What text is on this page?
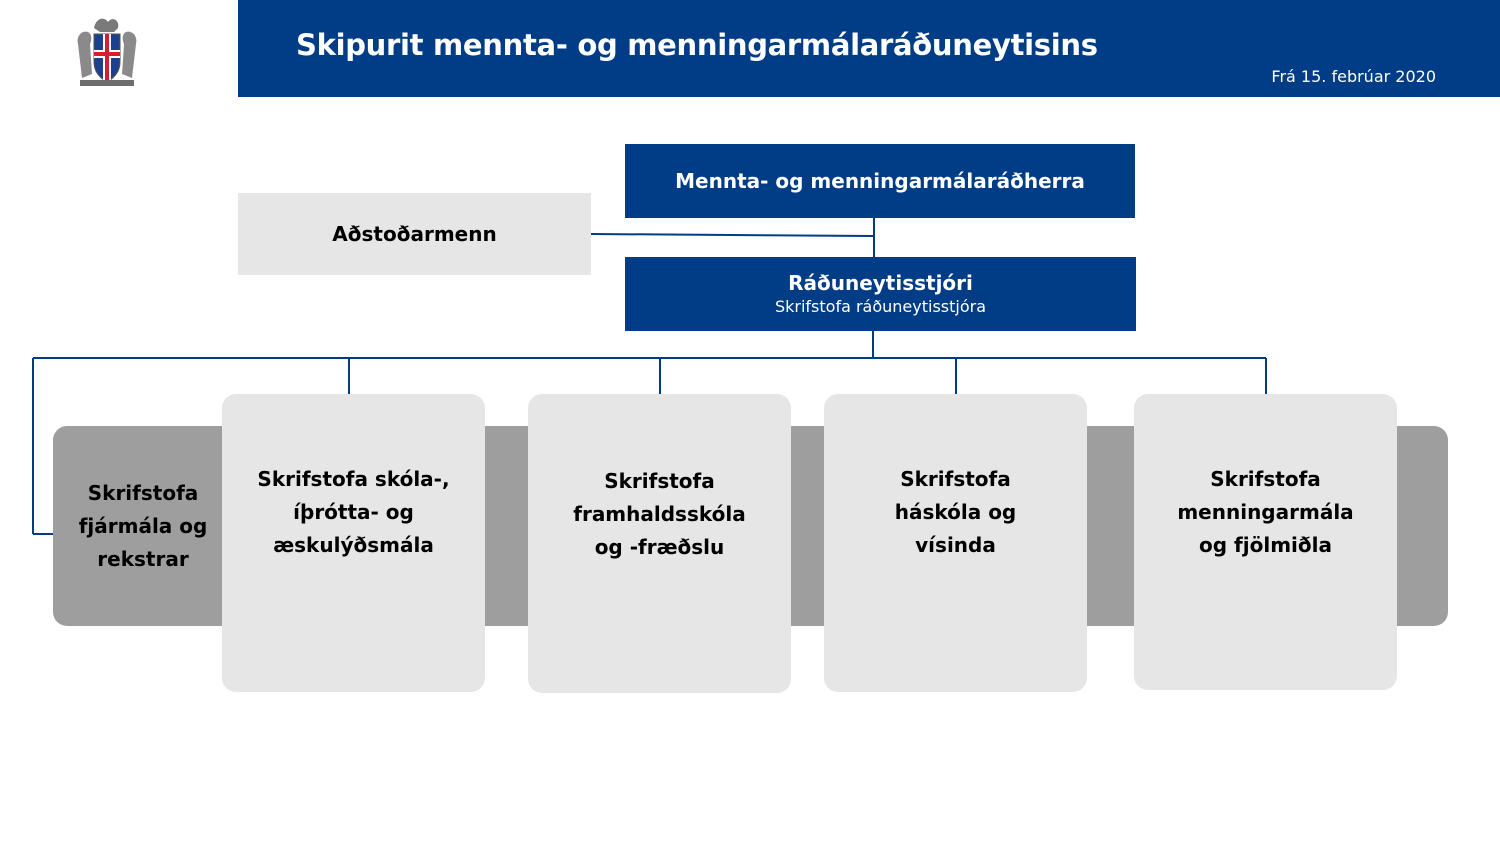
Skipurit mennta- og menningarmálaráðuneytisins
Frá 15. febrúar 2020
Mennta- og menningarmálaráðherra
Aðstoðarmenn
Ráðuneytisstjóri
Skrifstofa ráðuneytisstjóra
Skrifstofa
fjármála og
rekstrar
Skrifstofa skóla-,
íþrótta- og
æskulýðsmála
Skrifstofa
framhaldsskóla
og -fræðslu
Skrifstofa
háskóla og
vísinda
Skrifstofa
menningarmála
og fjölmiðla
